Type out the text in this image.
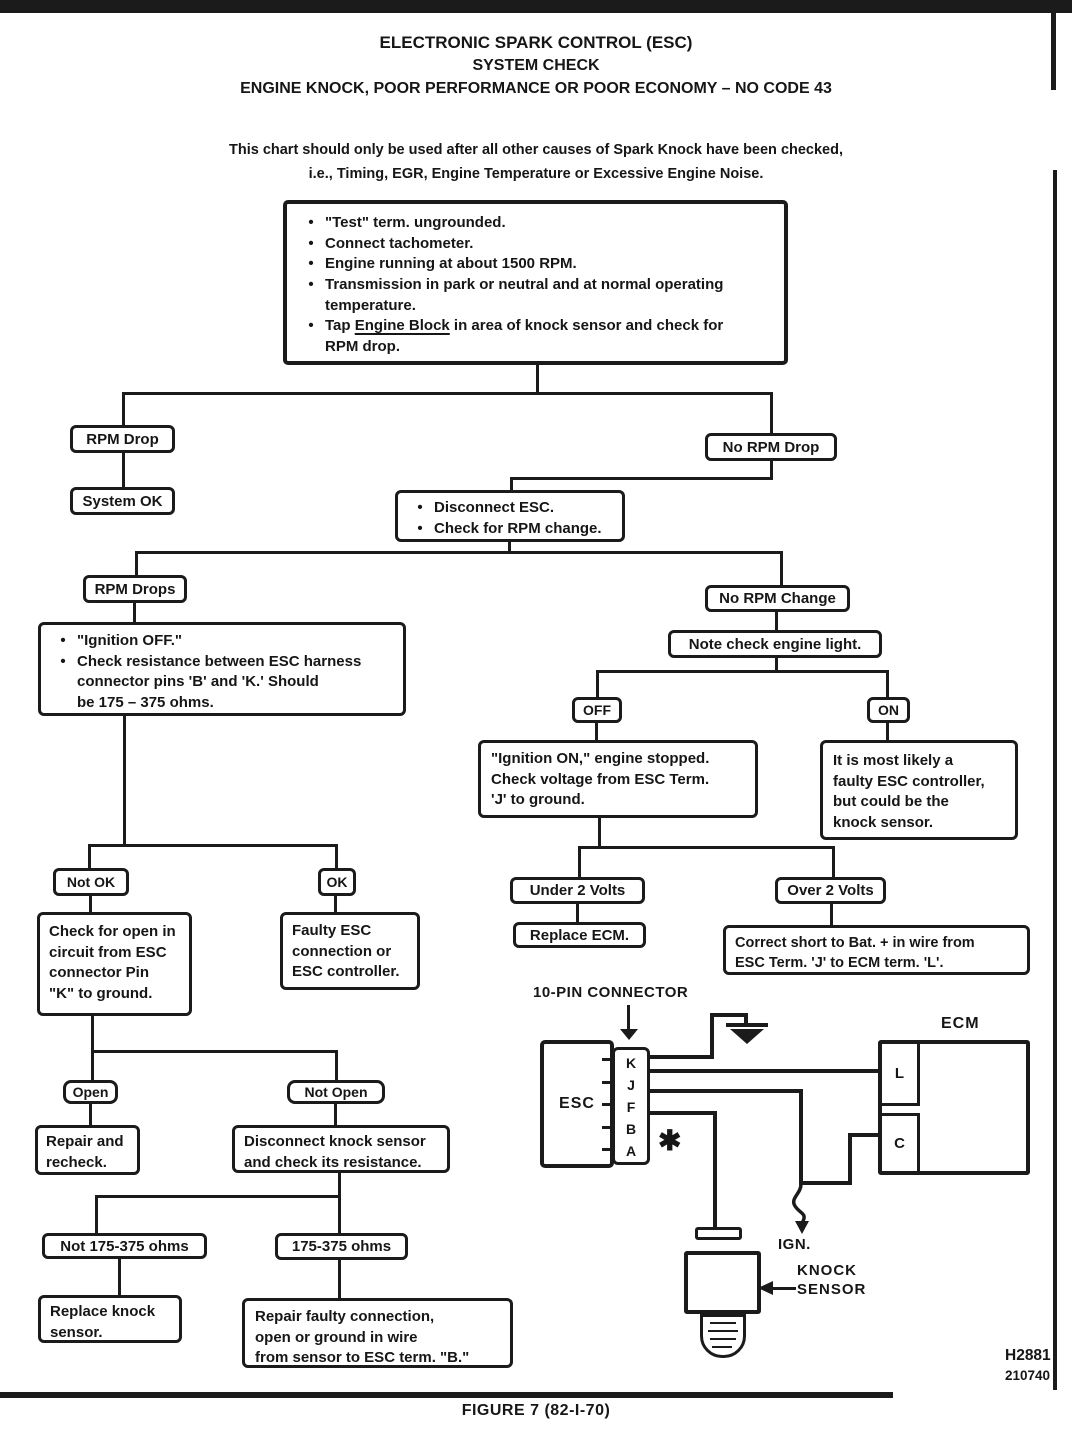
ELECTRONIC SPARK CONTROL (ESC)
SYSTEM CHECK
ENGINE KNOCK, POOR PERFORMANCE OR POOR ECONOMY – NO CODE 43
This chart should only be used after all other causes of Spark Knock have been checked,
i.e., Timing, EGR, Engine Temperature or Excessive Engine Noise.
• "Test" term. ungrounded.
• Connect tachometer.
• Engine running at about 1500 RPM.
• Transmission in park or neutral and at normal operating
temperature.
• Tap Engine Block in area of knock sensor and check for
RPM drop.
RPM Drop
System OK
No RPM Drop
• Disconnect ESC.
• Check for RPM change.
RPM Drops
• "Ignition OFF."
• Check resistance between ESC harness
connector pins 'B' and 'K.' Should
be 175 – 375 ohms.
No RPM Change
Note check engine light.
OFF	ON
"Ignition ON," engine stopped.
Check voltage from ESC Term.
'J' to ground.
It is most likely a
faulty ESC controller,
but could be the
knock sensor.
Not OK	OK
Check for open in
circuit from ESC
connector Pin
"K" to ground.
Faulty ESC
connection or
ESC controller.
Under 2 Volts
Replace ECM.
Over 2 Volts
Correct short to Bat. + in wire from
ESC Term. 'J' to ECM term. 'L'.
Open
Repair and
recheck.
Not Open
Disconnect knock sensor
and check its resistance.
Not 175-375 ohms
Replace knock
sensor.
175-375 ohms
Repair faulty connection,
open or ground in wire
from sensor to ESC term. "B."
10-PIN CONNECTOR
ESC
K
J
F
B
A ✱
KNOCK
SENSOR
ECM
L
C
IGN.
H2881
210740
FIGURE 7 (82-I-70)
